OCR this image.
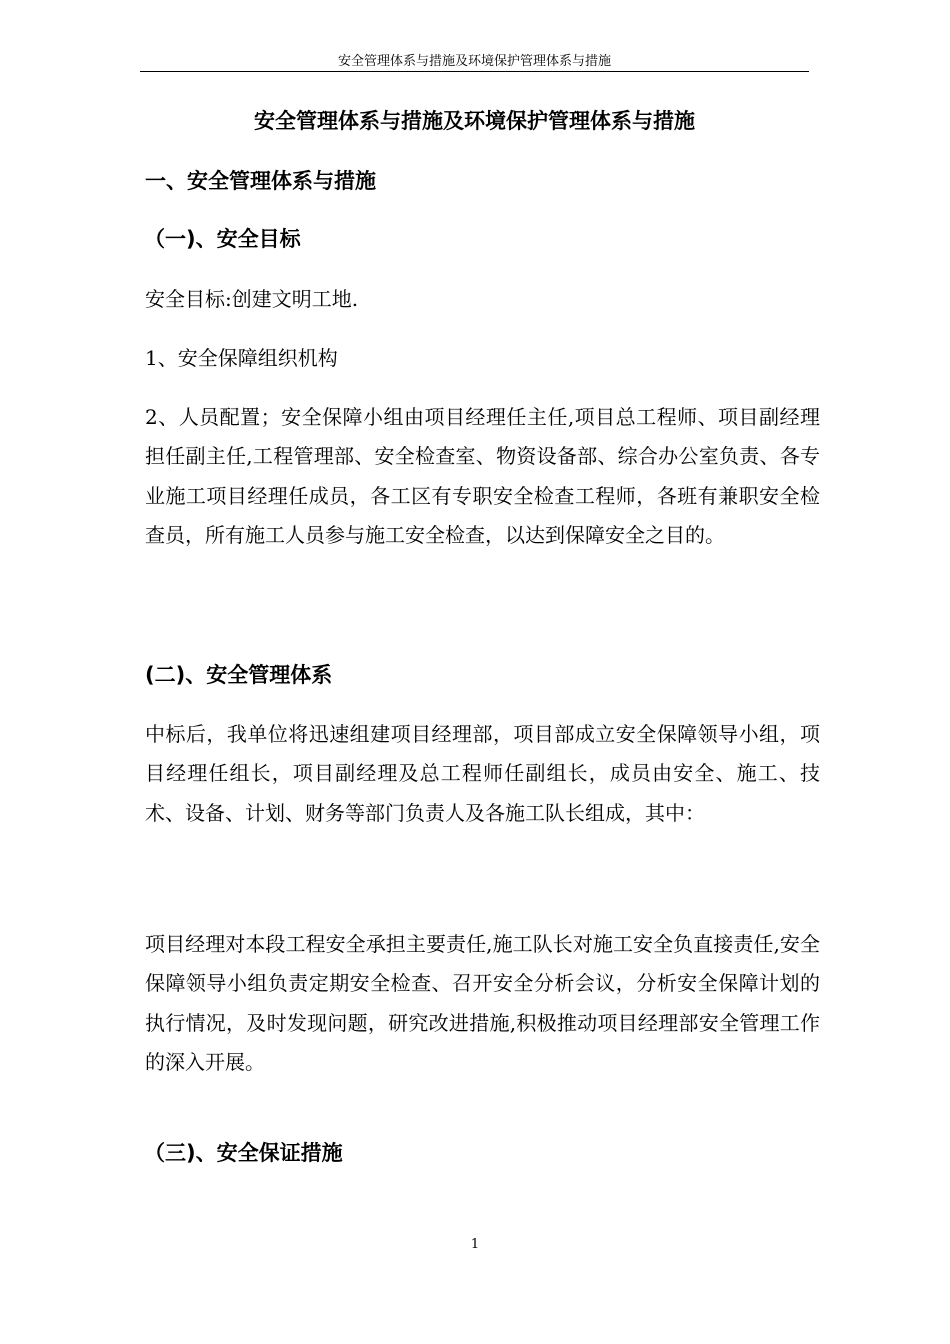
安全管理体系与措施及环境保护管理体系与措施
安全管理体系与措施及环境保护管理体系与措施
一、安全管理体系与措施
（一)、安全目标
安全目标:创建文明工地.
1、安全保障组织机构
2、人员配置；安全保障小组由项目经理任主任,项目总工程师、项目副经理担任副主任,工程管理部、安全检查室、物资设备部、综合办公室负责、各专业施工项目经理任成员，各工区有专职安全检查工程师，各班有兼职安全检查员，所有施工人员参与施工安全检查，以达到保障安全之目的。
(二)、安全管理体系
中标后，我单位将迅速组建项目经理部，项目部成立安全保障领导小组，项目经理任组长，项目副经理及总工程师任副组长，成员由安全、施工、技术、设备、计划、财务等部门负责人及各施工队长组成，其中：
项目经理对本段工程安全承担主要责任,施工队长对施工安全负直接责任,安全保障领导小组负责定期安全检查、召开安全分析会议，分析安全保障计划的执行情况，及时发现问题，研究改进措施,积极推动项目经理部安全管理工作的深入开展。
（三)、安全保证措施
1
